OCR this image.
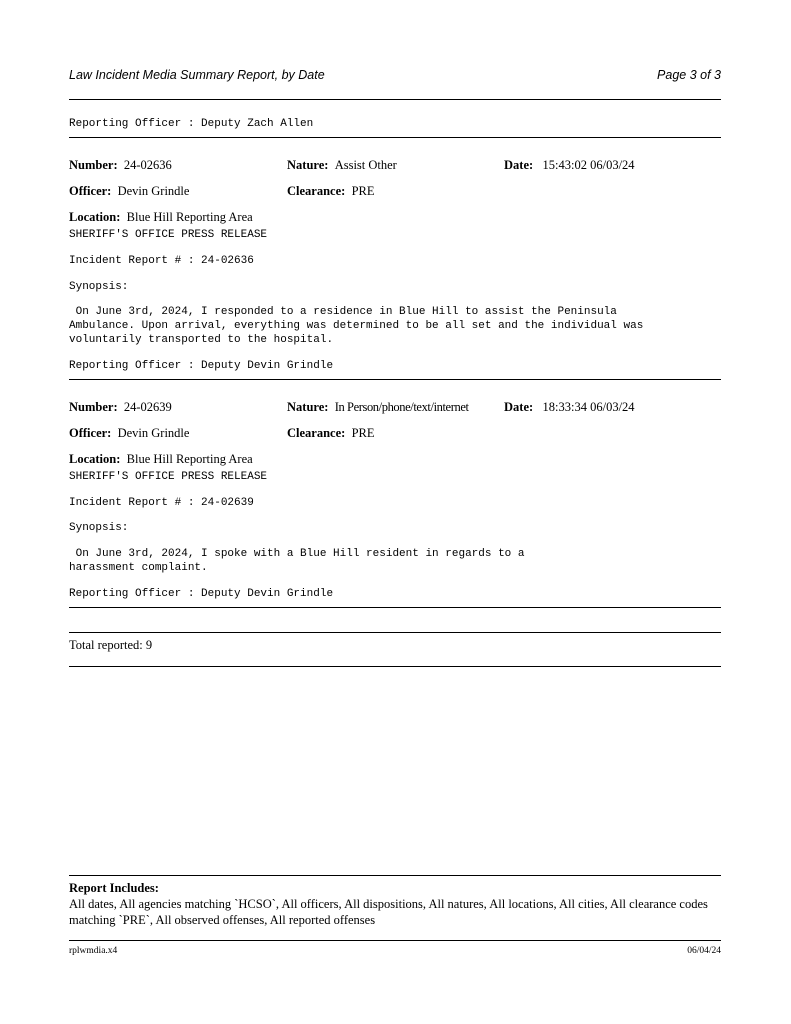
Law Incident Media Summary Report, by Date	Page 3 of 3
Reporting Officer : Deputy Zach Allen
Number: 24-02636	Nature: Assist Other	Date: 15:43:02 06/03/24
Officer: Devin Grindle	Clearance: PRE
Location: Blue Hill Reporting Area
SHERIFF'S OFFICE PRESS RELEASE
Incident Report # : 24-02636
Synopsis:
On June 3rd, 2024, I responded to a residence in Blue Hill to assist the Peninsula
Ambulance. Upon arrival, everything was determined to be all set and the individual was
voluntarily transported to the hospital.
Reporting Officer : Deputy Devin Grindle
Number: 24-02639	Nature: In Person/phone/text/internet	Date: 18:33:34 06/03/24
Officer: Devin Grindle	Clearance: PRE
Location: Blue Hill Reporting Area
SHERIFF'S OFFICE PRESS RELEASE
Incident Report # : 24-02639
Synopsis:
On June 3rd, 2024, I spoke with a Blue Hill resident in regards to a
harassment complaint.
Reporting Officer : Deputy Devin Grindle
Total reported: 9
Report Includes:
All dates, All agencies matching `HCSO`, All officers, All dispositions, All natures, All locations, All cities, All clearance codes matching `PRE`, All observed offenses, All reported offenses
rplwmdia.x4	06/04/24
